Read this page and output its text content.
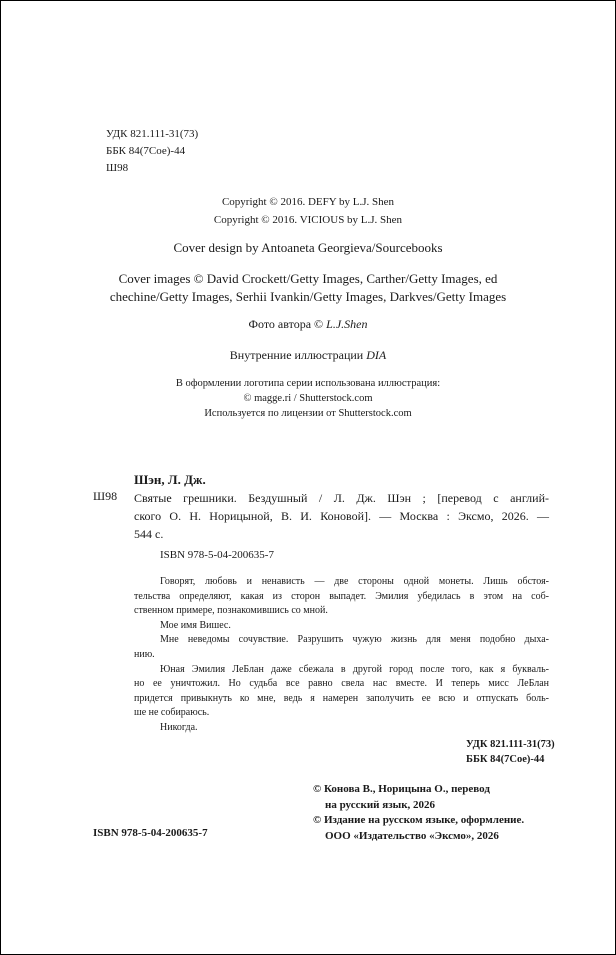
УДК 821.111-31(73)
ББК 84(7Сое)-44
Ш98
Copyright © 2016. DEFY by L.J. Shen
Copyright © 2016. VICIOUS by L.J. Shen
Cover design by Antoaneta Georgieva/Sourcebooks
Cover images © David Crockett/Getty Images, Carther/Getty Images, ed
chechine/Getty Images, Serhii Ivankin/Getty Images, Darkves/Getty Images
Фото автора © L.J.Shen
Внутренние иллюстрации DIA
В оформлении логотипа серии использована иллюстрация:
© magge.ri / Shutterstock.com
Используется по лицензии от Shutterstock.com
Шэн, Л. Дж.
Ш98 Святые грешники. Бездушный / Л. Дж. Шэн ; [перевод с англий-
ского О. Н. Норицыной, В. И. Коновой]. — Москва : Эксмо, 2026. —
544 с.
ISBN 978-5-04-200635-7
Говорят, любовь и ненависть — две стороны одной монеты. Лишь обстоя-
тельства определяют, какая из сторон выпадет. Эмилия убедилась в этом на соб-
ственном примере, познакомившись со мной.
Мое имя Вишес.
Мне неведомы сочувствие. Разрушить чужую жизнь для меня подобно дыха-
нию.
Юная Эмилия ЛеБлан даже сбежала в другой город после того, как я букваль-
но ее уничтожил. Но судьба все равно свела нас вместе. И теперь мисс ЛеБлан
придется привыкнуть ко мне, ведь я намерен заполучить ее всю и отпускать боль-
ше не собираюсь.
Никогда.
УДК 821.111-31(73)
ББК 84(7Сое)-44
© Конова В., Норицына О., перевод
на русский язык, 2026
© Издание на русском языке, оформление.
ООО «Издательство «Эксмо», 2026
ISBN 978-5-04-200635-7
